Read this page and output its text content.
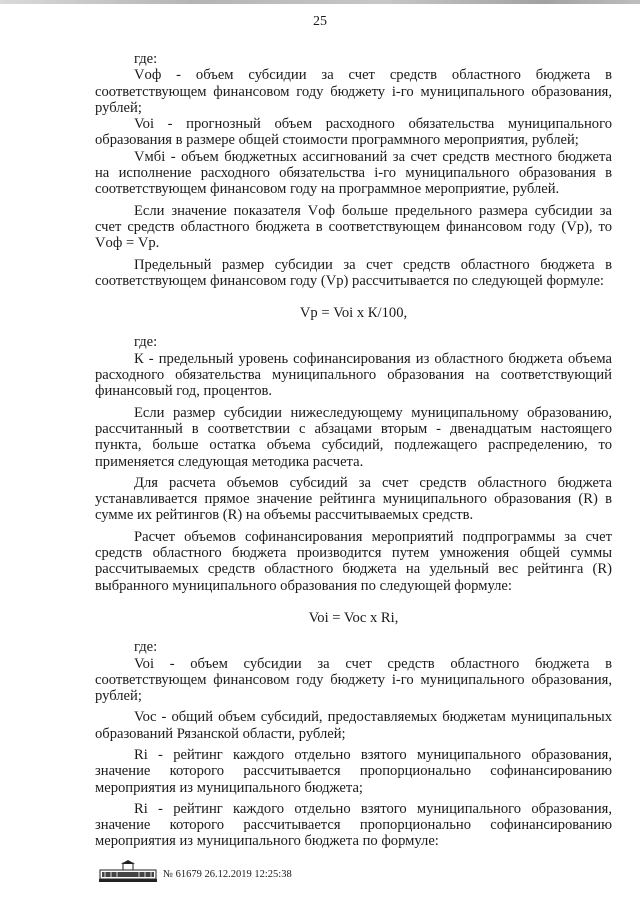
25

где:

Vоф - объем субсидии за счет средств областного бюджета в соответствующем финансовом году бюджету i-го муниципального образования, рублей;

Voi - прогнозный объем расходного обязательства муниципального образования в размере общей стоимости программного мероприятия, рублей;

Vмбi - объем бюджетных ассигнований за счет средств местного бюджета на исполнение расходного обязательства i-го муниципального образования в соответствующем финансовом году на программное мероприятие, рублей.

Если значение показателя Vоф больше предельного размера субсидии за счет средств областного бюджета в соответствующем финансовом году (Vр), то Vоф = Vр.

Предельный размер субсидии за счет средств областного бюджета в соответствующем финансовом году (Vр) рассчитывается по следующей формуле:

Vр = Voi x К/100,

где:

К - предельный уровень софинансирования из областного бюджета объема расходного обязательства муниципального образования на соответствующий финансовый год, процентов.

Если размер субсидии нижеследующему муниципальному образованию, рассчитанный в соответствии с абзацами вторым - двенадцатым настоящего пункта, больше остатка объема субсидий, подлежащего распределению, то применяется следующая методика расчета.

Для расчета объемов субсидий за счет средств областного бюджета устанавливается прямое значение рейтинга муниципального образования (R) в сумме их рейтингов (R) на объемы рассчитываемых средств.

Расчет объемов софинансирования мероприятий подпрограммы за счет средств областного бюджета производится путем умножения общей суммы рассчитываемых средств областного бюджета на удельный вес рейтинга (R) выбранного муниципального образования по следующей формуле:

Voi = Voc x Ri,

где:

Voi - объем субсидии за счет средств областного бюджета в соответствующем финансовом году бюджету i-го муниципального образования, рублей;

Voc - общий объем субсидий, предоставляемых бюджетам муниципальных образований Рязанской области, рублей;

Ri - рейтинг каждого отдельно взятого муниципального образования, значение которого рассчитывается пропорционально софинансированию мероприятия из муниципального бюджета;

Ri - рейтинг каждого отдельно взятого муниципального образования, значение которого рассчитывается пропорционально софинансированию мероприятия из муниципального бюджета по формуле:

№ 61679 26.12.2019 12:25:38
